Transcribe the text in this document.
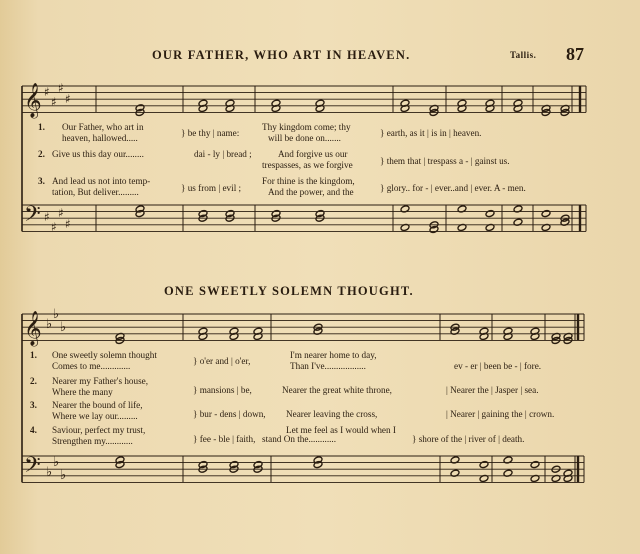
OUR FATHER, WHO ART IN HEAVEN.	Tallis. 87
𝄞
𝄢
𝄞
𝄢
♯
♯
♯
♯
♯
♯
♯
♯
♭
♭
♭
♭
♭
♭
1. Our Father, who art in
heaven, hallowed.....	} be thy | name:
Thy kingdom come; thy
will be done on.......	} earth, as it | is in | heaven.
2. Give us this day our........	dai - ly | bread ;	And forgive us our
trespasses, as we forgive	} them that | trespass a - | gainst us.
3. And lead us not into temp-
tation, But deliver.........	} us from | evil ;
For thine is the kingdom,
And the power, and the	} glory.. for - | ever..and | ever. A - men.
ONE SWEETLY SOLEMN THOUGHT.
1. One sweetly solemn thought
Comes to me.............	} o'er and | o'er,
I'm nearer home to day,
Than I've..................	ev - er | been be - | fore.
2. Nearer my Father's house,
Where the many	} mansions | be,	Nearer the great white throne,	| Nearer the | Jasper | sea.
3. Nearer the bound of life,
Where we lay our.........	} bur - dens | down, Nearer leaving the cross,	| Nearer | gaining the | crown.
4. Saviour, perfect my trust,
Strengthen my............	} fee - ble | faith,
Let me feel as I would when I
stand On the............	} shore of the | river of | death.
